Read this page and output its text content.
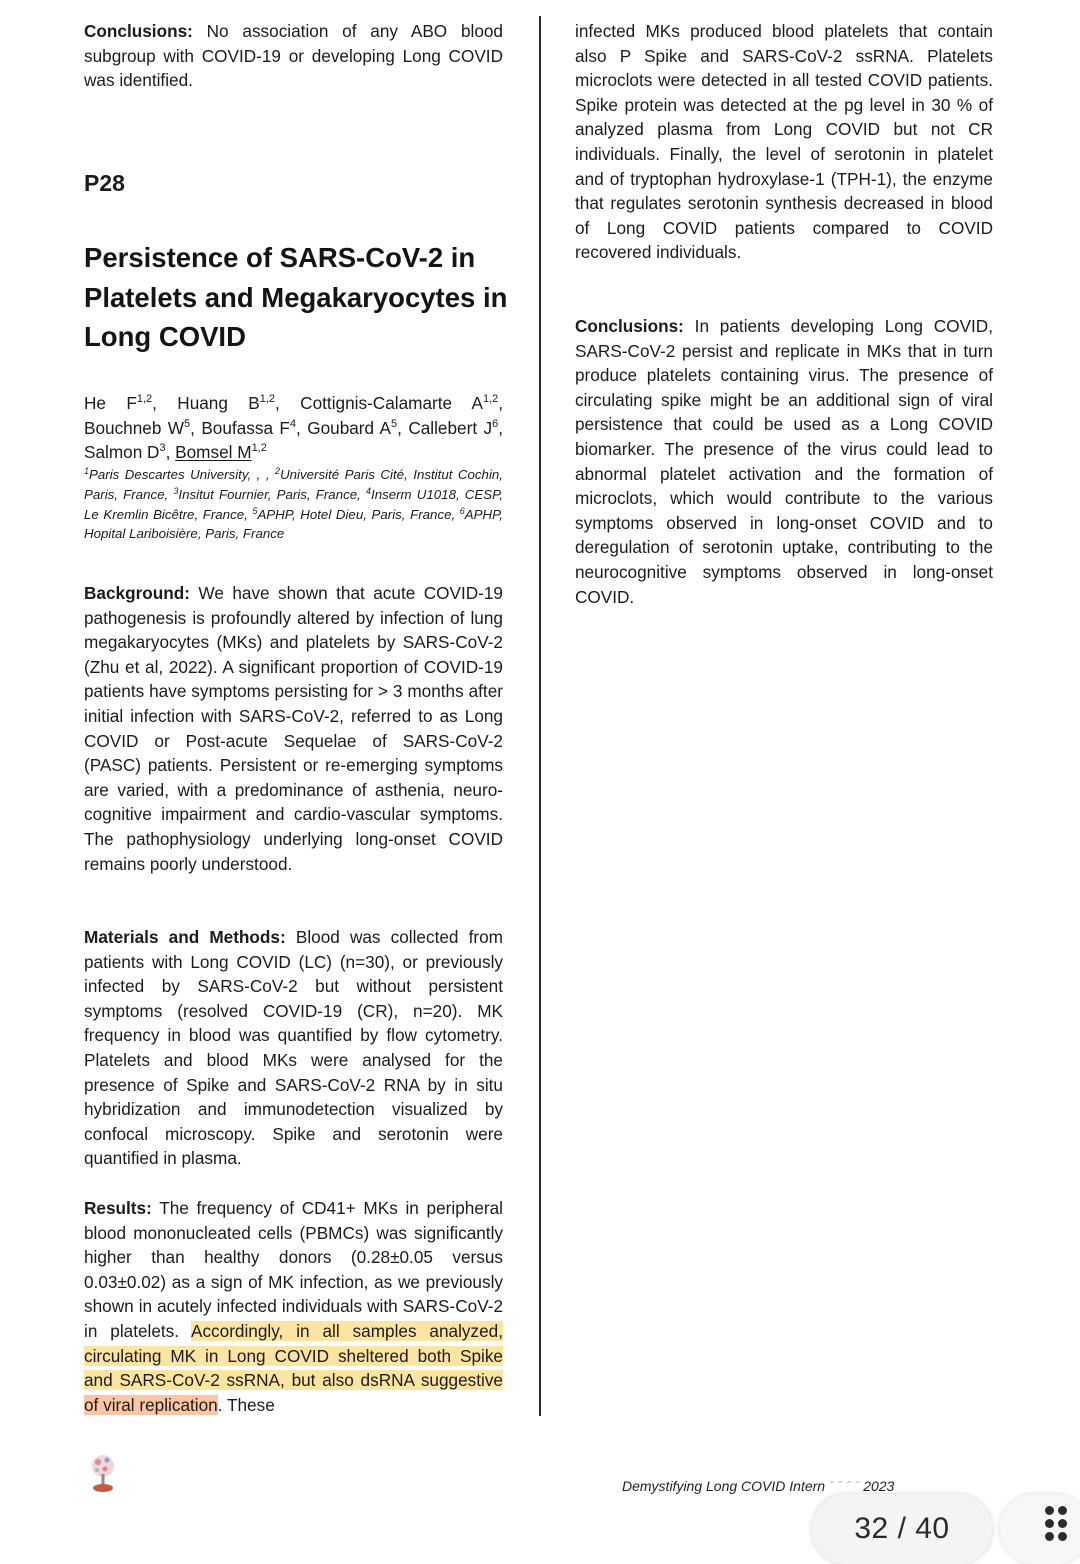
Conclusions: No association of any ABO blood subgroup with COVID-19 or developing Long COVID was identified.

P28

Persistence of SARS-CoV-2 in Platelets and Megakaryocytes in Long COVID

He F$^{1,2}$, Huang B$^{1,2}$, Cottignis-Calamarte A$^{1,2}$, Bouchneb $W^5$, Boufassa $F^4$, Goubard $A^5$, Callebert $J^6$, Salmon $D^3$, Bomsel M$^{1,2}$

$^1$Paris Descartes University, , , $^2$Université Paris Cité, Institut Cochin, Paris, France, $^3$Insitut Fournier, Paris, France, $^4$Inserm U1018, CESP, Le Kremlin Bicêtre, France, $^5$APHP, Hotel Dieu, Paris, France, $^6$APHP, Hopital Lariboisière, Paris, France

Background: We have shown that acute COVID-19 pathogenesis is profoundly altered by infection of lung megakaryocytes (MKs) and platelets by SARS-CoV-2 (Zhu et al, 2022). A significant proportion of COVID-19 patients have symptoms persisting for > 3 months after initial infection with SARS-CoV-2, referred to as Long COVID or Post-acute Sequelae of SARS-CoV-2 (PASC) patients. Persistent or re-emerging symptoms are varied, with a predominance of asthenia, neuro-cognitive impairment and cardio-vascular symptoms. The pathophysiology underlying long-onset COVID remains poorly understood.

Materials and Methods: Blood was collected from patients with Long COVID (LC) (n=30), or previously infected by SARS-CoV-2 but without persistent symptoms (resolved COVID-19 (CR), n=20). MK frequency in blood was quantified by flow cytometry. Platelets and blood MKs were analysed for the presence of Spike and SARS-CoV-2 RNA by in situ hybridization and immunodetection visualized by confocal microscopy. Spike and serotonin were quantified in plasma.

Results: The frequency of CD41+ MKs in peripheral blood mononucleated cells (PBMCs) was significantly higher than healthy donors (0.28±0.05 versus 0.03±0.02) as a sign of MK infection, as we previously shown in acutely infected individuals with SARS-CoV-2 in platelets. Accordingly, in all samples analyzed, circulating MK in Long COVID sheltered both Spike and SARS-CoV-2 ssRNA, but also dsRNA suggestive of viral replication. These

infected MKs produced blood platelets that contain also P Spike and SARS-CoV-2 ssRNA. Platelets microclots were detected in all tested COVID patients. Spike protein was detected at the pg level in 30 % of analyzed plasma from Long COVID but not CR individuals. Finally, the level of serotonin in platelet and of tryptophan hydroxylase-1 (TPH-1), the enzyme that regulates serotonin synthesis decreased in blood of Long COVID patients compared to COVID recovered individuals.

Conclusions: In patients developing Long COVID, SARS-CoV-2 persist and replicate in MKs that in turn produce platelets containing virus. The presence of circulating spike might be an additional sign of viral persistence that could be used as a Long COVID biomarker. The presence of the virus could lead to abnormal platelet activation and the formation of microclots, which would contribute to the various symptoms observed in long-onset COVID and to deregulation of serotonin uptake, contributing to the neurocognitive symptoms observed in long-onset COVID.

Demystifying Long COVID Intern ˆ ˆ ˆ ˆ 2023

32 / 40
